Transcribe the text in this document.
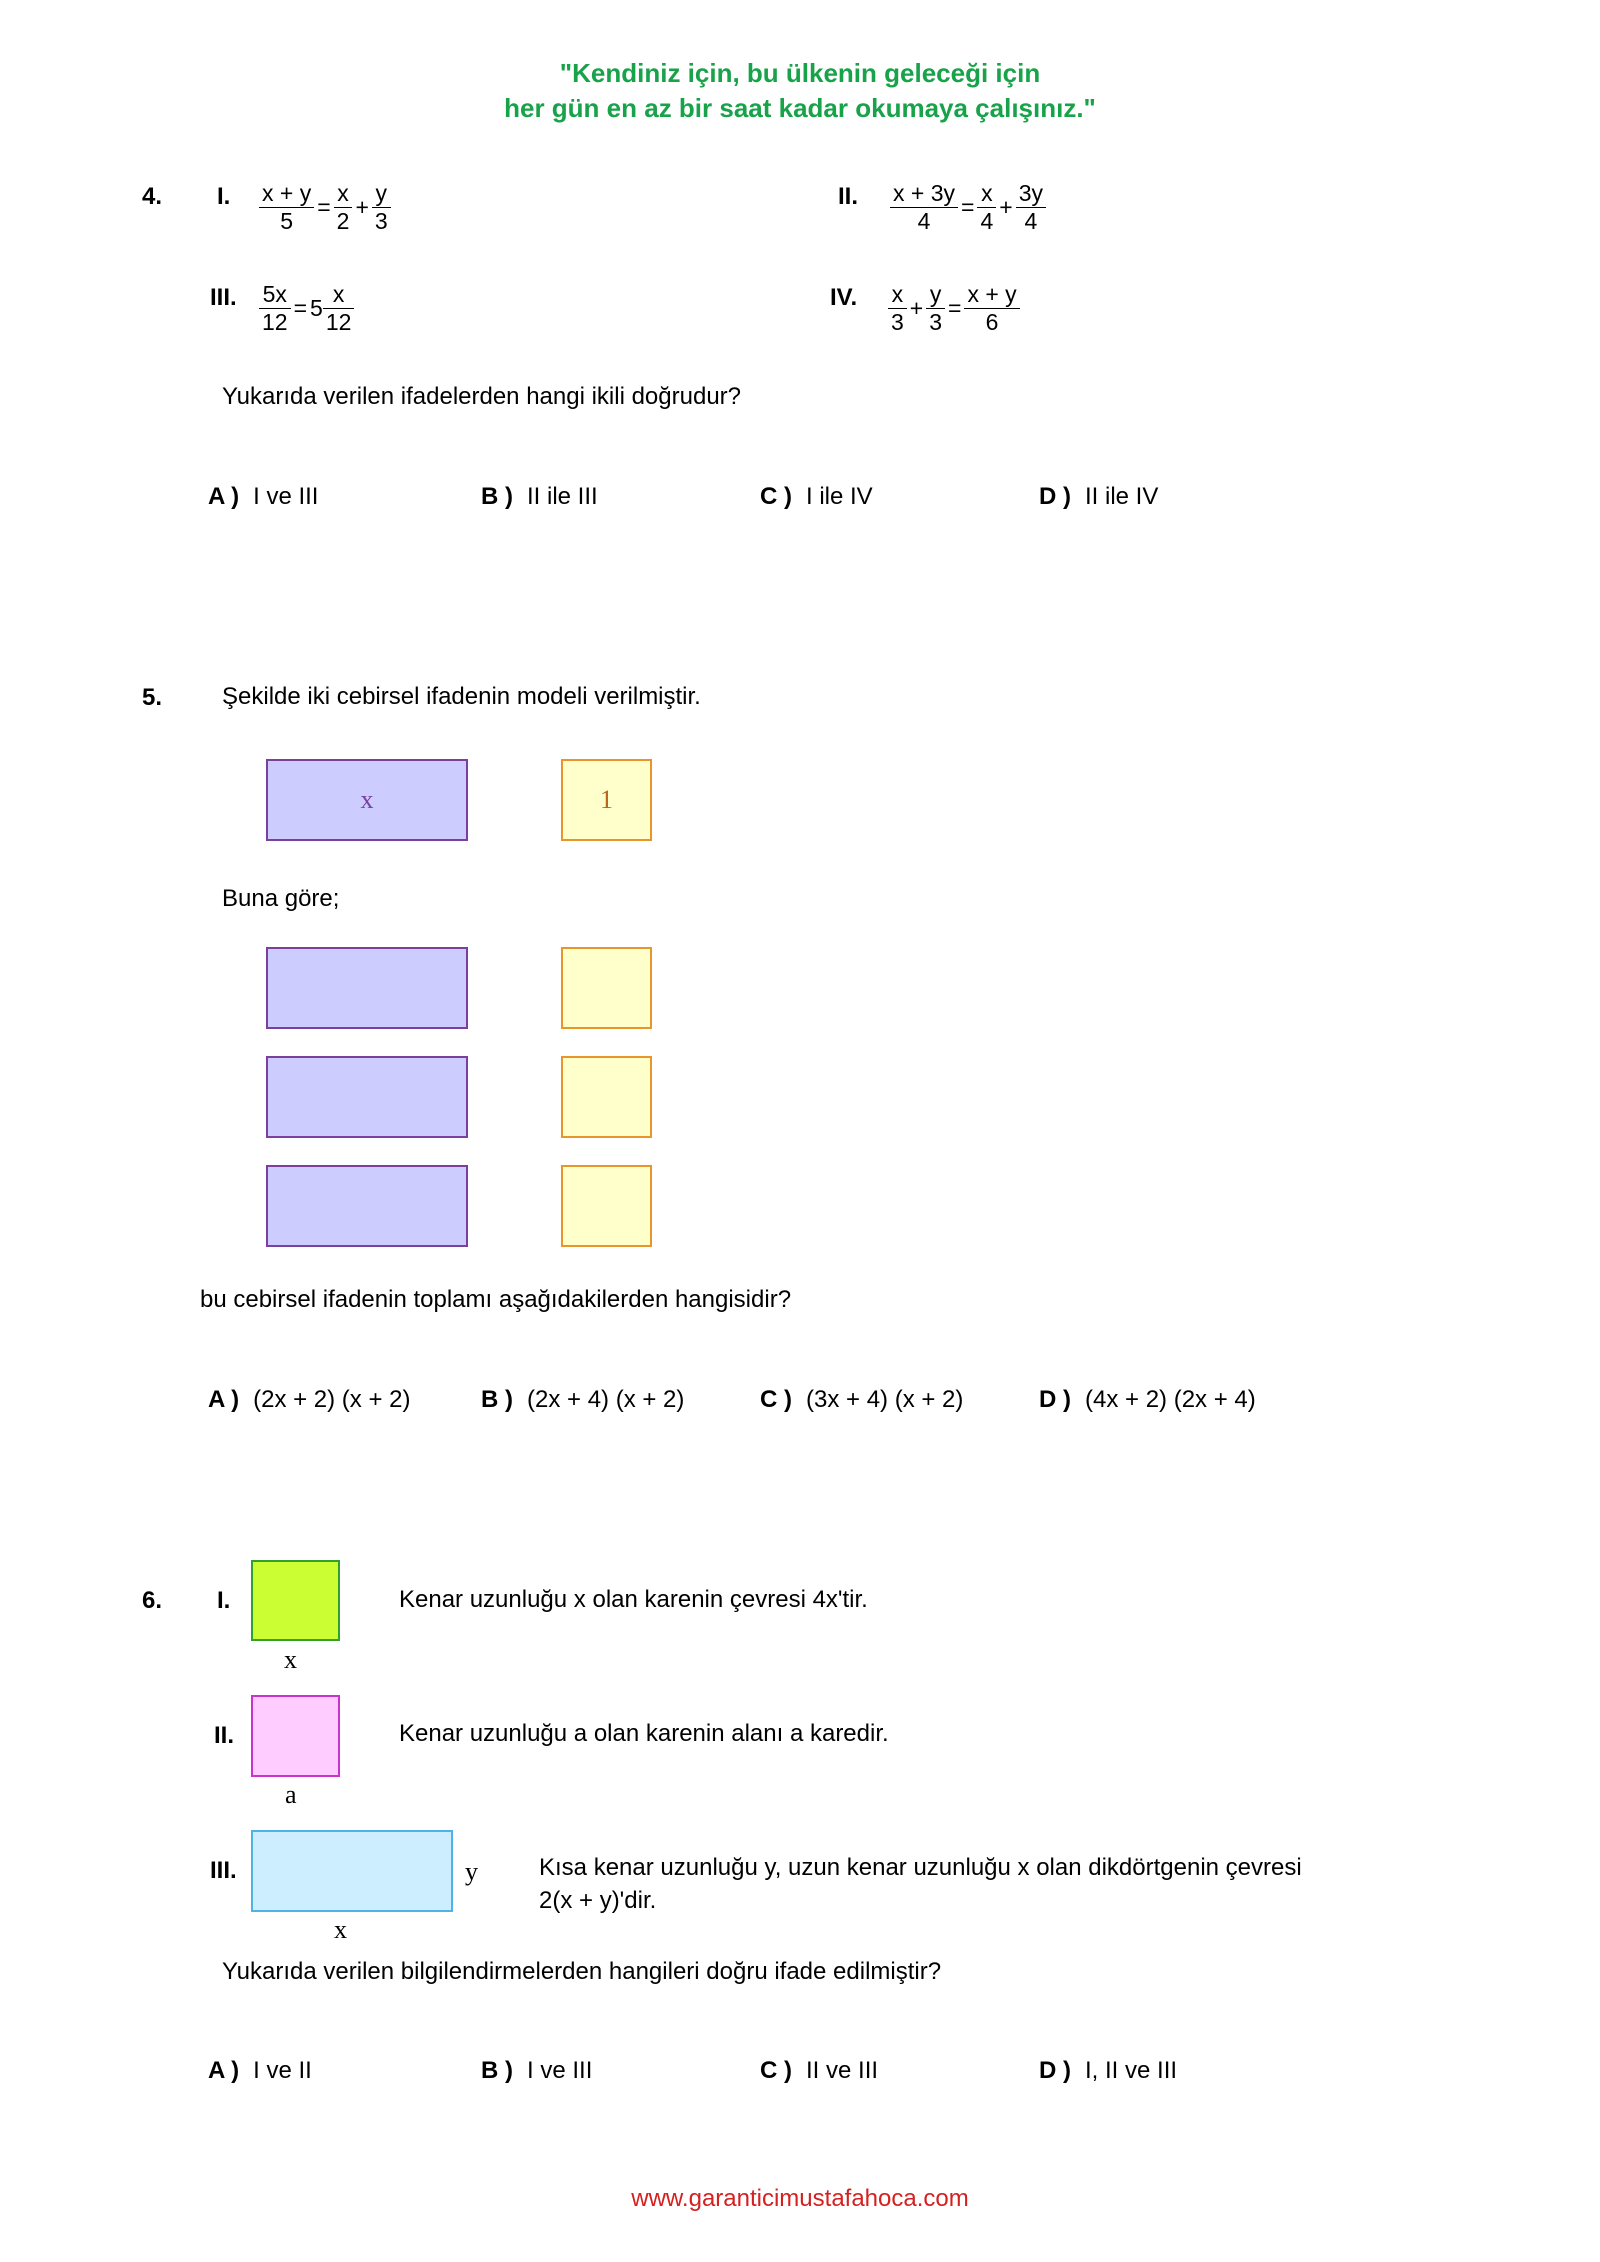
"Kendiniz için, bu ülkenin geleceği için
her gün en az bir saat kadar okumaya çalışınız."
4. I. $\frac{x + y}{5} = \frac{x}{2} + \frac{y}{3}$	II. $\frac{x + 3y}{4} = \frac{x}{4} + \frac{3y}{4}$
III. $\frac{5x}{12} = 5 \frac{x}{12}$	IV. $\frac{x}{3} + \frac{y}{3} = \frac{x + y}{6}$
Yukarıda verilen ifadelerden hangi ikili doğrudur?
A ) I ve III	B ) II ile III	C ) I ile IV	D ) II ile IV
5. Şekilde iki cebirsel ifadenin modeli verilmiştir.
x	1
Buna göre;
bu cebirsel ifadenin toplamı aşağıdakilerden hangisidir?
A ) (2x + 2) (x + 2)	B ) (2x + 4) (x + 2)	C ) (3x + 4) (x + 2)	D ) (4x + 2) (2x + 4)
6. I.
x
Kenar uzunluğu x olan karenin çevresi 4x'tir.
II.
a
Kenar uzunluğu a olan karenin alanı a karedir.
III.	y
x
Kısa kenar uzunluğu y, uzun kenar uzunluğu x olan dikdörtgenin çevresi
2(x + y)'dir.
Yukarıda verilen bilgilendirmelerden hangileri doğru ifade edilmiştir?
A ) I ve II	B ) I ve III	C ) II ve III	D ) I, II ve III
www.garanticimustafahoca.com
